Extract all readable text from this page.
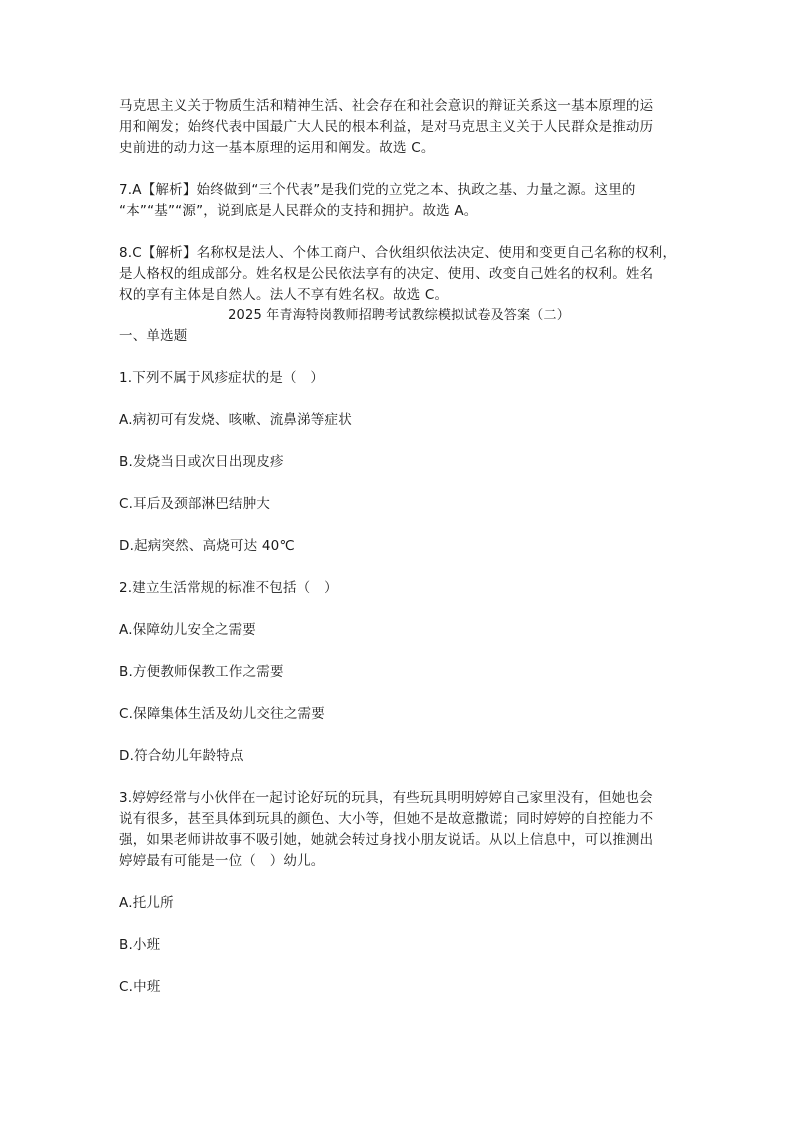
马克思主义关于物质生活和精神生活、社会存在和社会意识的辩证关系这一基本原理的运

用和阐发；始终代表中国最广大人民的根本利益，是对马克思主义关于人民群众是推动历

史前进的动力这一基本原理的运用和阐发。故选 C。

7.A【解析】始终做到“三个代表”是我们党的立党之本、执政之基、力量之源。这里的

“本”“基”“源”，说到底是人民群众的支持和拥护。故选 A。

8.C【解析】名称权是法人、个体工商户、合伙组织依法决定、使用和变更自己名称的权利，

是人格权的组成部分。姓名权是公民依法享有的决定、使用、改变自己姓名的权利。姓名

权的享有主体是自然人。法人不享有姓名权。故选 C。

2025 年青海特岗教师招聘考试教综模拟试卷及答案（二）

一、单选题

1.下列不属于风疹症状的是（　）

A.病初可有发烧、咳嗽、流鼻涕等症状

B.发烧当日或次日出现皮疹

C.耳后及颈部淋巴结肿大

D.起病突然、高烧可达 40℃

2.建立生活常规的标准不包括（　）

A.保障幼儿安全之需要

B.方便教师保教工作之需要

C.保障集体生活及幼儿交往之需要

D.符合幼儿年龄特点

3.婷婷经常与小伙伴在一起讨论好玩的玩具，有些玩具明明婷婷自己家里没有，但她也会

说有很多，甚至具体到玩具的颜色、大小等，但她不是故意撒谎；同时婷婷的自控能力不

强，如果老师讲故事不吸引她，她就会转过身找小朋友说话。从以上信息中，可以推测出

婷婷最有可能是一位（　）幼儿。

A.托儿所

B.小班

C.中班
